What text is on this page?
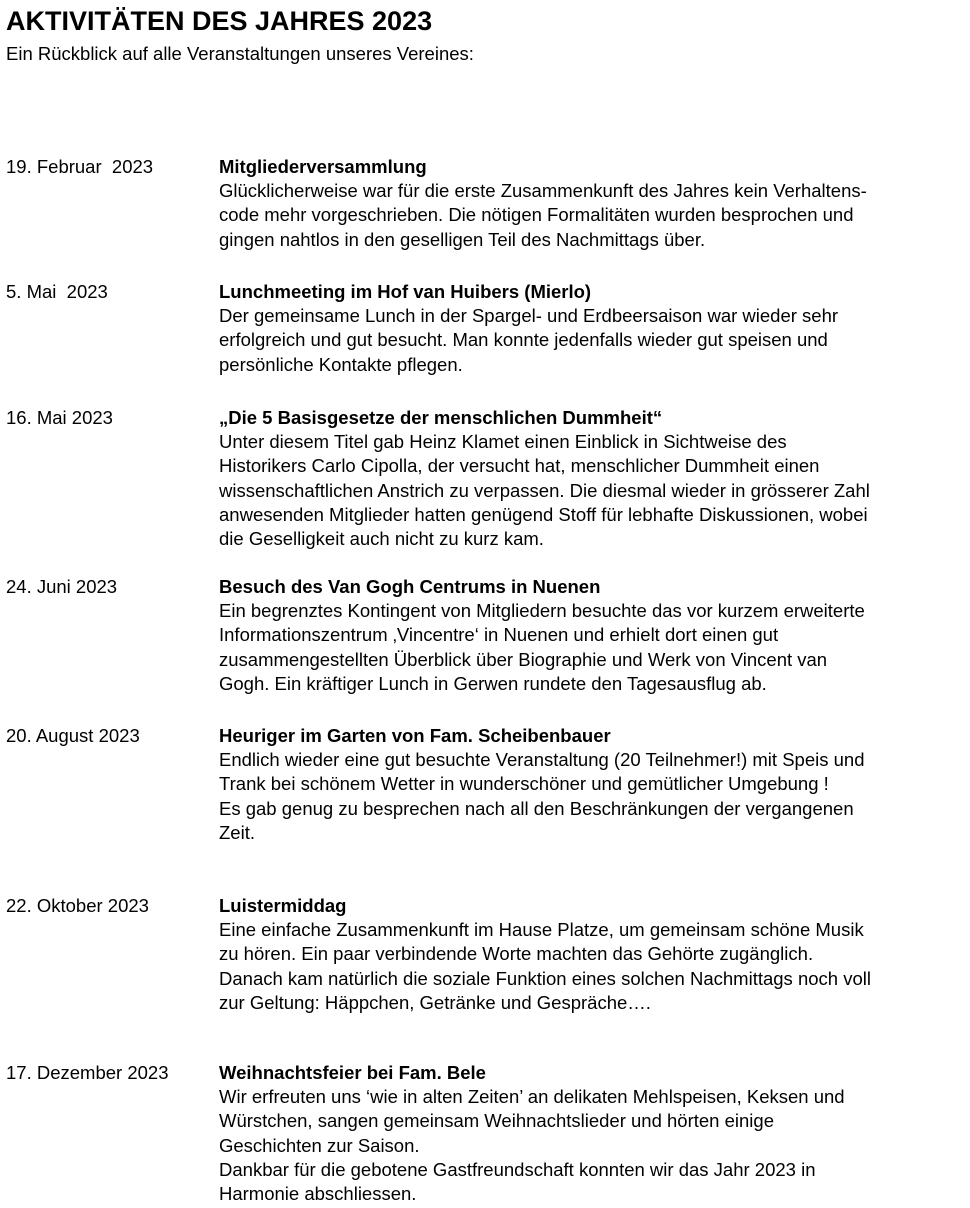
AKTIVITÄTEN DES JAHRES 2023

Ein Rückblick auf alle Veranstaltungen unseres Vereines:

19. Februar  2023	Mitgliederversammlung
Glücklicherweise war für die erste Zusammenkunft des Jahres kein Verhaltens-
code mehr vorgeschrieben. Die nötigen Formalitäten wurden besprochen und
gingen nahtlos in den geselligen Teil des Nachmittags über.
5. Mai  2023	Lunchmeeting im Hof van Huibers (Mierlo)
Der gemeinsame Lunch in der Spargel- und Erdbeersaison war wieder sehr
erfolgreich und gut besucht. Man konnte jedenfalls wieder gut speisen und
persönliche Kontakte pflegen.
16. Mai 2023	„Die 5 Basisgesetze der menschlichen Dummheit“
Unter diesem Titel gab Heinz Klamet einen Einblick in Sichtweise des
Historikers Carlo Cipolla, der versucht hat, menschlicher Dummheit einen
wissenschaftlichen Anstrich zu verpassen. Die diesmal wieder in grösserer Zahl
anwesenden Mitglieder hatten genügend Stoff für lebhafte Diskussionen, wobei
die Geselligkeit auch nicht zu kurz kam.
24. Juni 2023	Besuch des Van Gogh Centrums in Nuenen
Ein begrenztes Kontingent von Mitgliedern besuchte das vor kurzem erweiterte
Informationszentrum ‚Vincentre‘ in Nuenen und erhielt dort einen gut
zusammengestellten Überblick über Biographie und Werk von Vincent van
Gogh. Ein kräftiger Lunch in Gerwen rundete den Tagesausflug ab.
20. August 2023	Heuriger im Garten von Fam. Scheibenbauer
Endlich wieder eine gut besuchte Veranstaltung (20 Teilnehmer!) mit Speis und
Trank bei schönem Wetter in wunderschöner und gemütlicher Umgebung !
Es gab genug zu besprechen nach all den Beschränkungen der vergangenen
Zeit.
22. Oktober 2023	Luistermiddag
Eine einfache Zusammenkunft im Hause Platze, um gemeinsam schöne Musik
zu hören. Ein paar verbindende Worte machten das Gehörte zugänglich.
Danach kam natürlich die soziale Funktion eines solchen Nachmittags noch voll
zur Geltung: Häppchen, Getränke und Gespräche….
17. Dezember 2023	Weihnachtsfeier bei Fam. Bele
Wir erfreuten uns ‘wie in alten Zeiten’ an delikaten Mehlspeisen, Keksen und
Würstchen, sangen gemeinsam Weihnachtslieder und hörten einige
Geschichten zur Saison.
Dankbar für die gebotene Gastfreundschaft konnten wir das Jahr 2023 in
Harmonie abschliessen.
